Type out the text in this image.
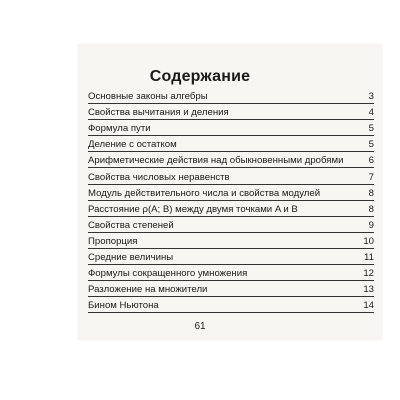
Содержание
Основные законы алгебры	3
Свойства вычитания и деления	4
Формула пути	5
Деление с остатком	5
Арифметические действия над обыкновенными дробями	6
Свойства числовых неравенств	7
Модуль действительного числа и свойства модулей	8
Расстояние ρ(A; B) между двумя точками A и B	8
Свойства степеней	9
Пропорция	10
Средние величины	11
Формулы сокращенного умножения	12
Разложение на множители	13
Бином Ньютона	14
61
